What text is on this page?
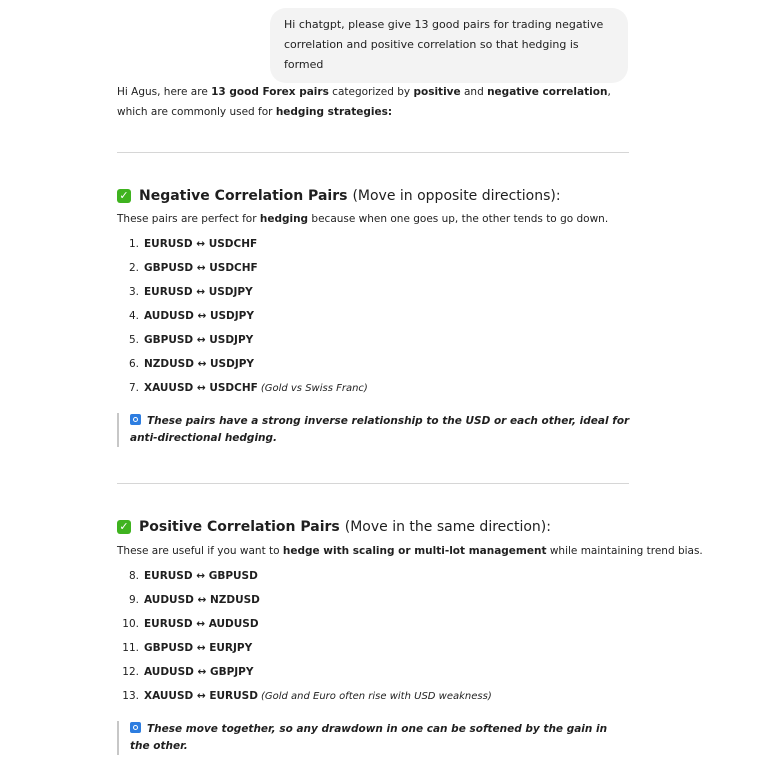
Hi chatgpt, please give 13 good pairs for trading negative correlation and positive correlation so that hedging is formed
Hi Agus, here are 13 good Forex pairs categorized by positive and negative correlation, which are commonly used for hedging strategies:
✓ Negative Correlation Pairs (Move in opposite directions):
These pairs are perfect for hedging because when one goes up, the other tends to go down.
1. EURUSD ↔ USDCHF
2. GBPUSD ↔ USDCHF
3. EURUSD ↔ USDJPY
4. AUDUSD ↔ USDJPY
5. GBPUSD ↔ USDJPY
6. NZDUSD ↔ USDJPY
7. XAUUSD ↔ USDCHF (Gold vs Swiss Franc)
These pairs have a strong inverse relationship to the USD or each other, ideal for anti-directional hedging.
✓ Positive Correlation Pairs (Move in the same direction):
These are useful if you want to hedge with scaling or multi-lot management while maintaining trend bias.
8. EURUSD ↔ GBPUSD
9. AUDUSD ↔ NZDUSD
10. EURUSD ↔ AUDUSD
11. GBPUSD ↔ EURJPY
12. AUDUSD ↔ GBPJPY
13. XAUUSD ↔ EURUSD (Gold and Euro often rise with USD weakness)
These move together, so any drawdown in one can be softened by the gain in the other.
